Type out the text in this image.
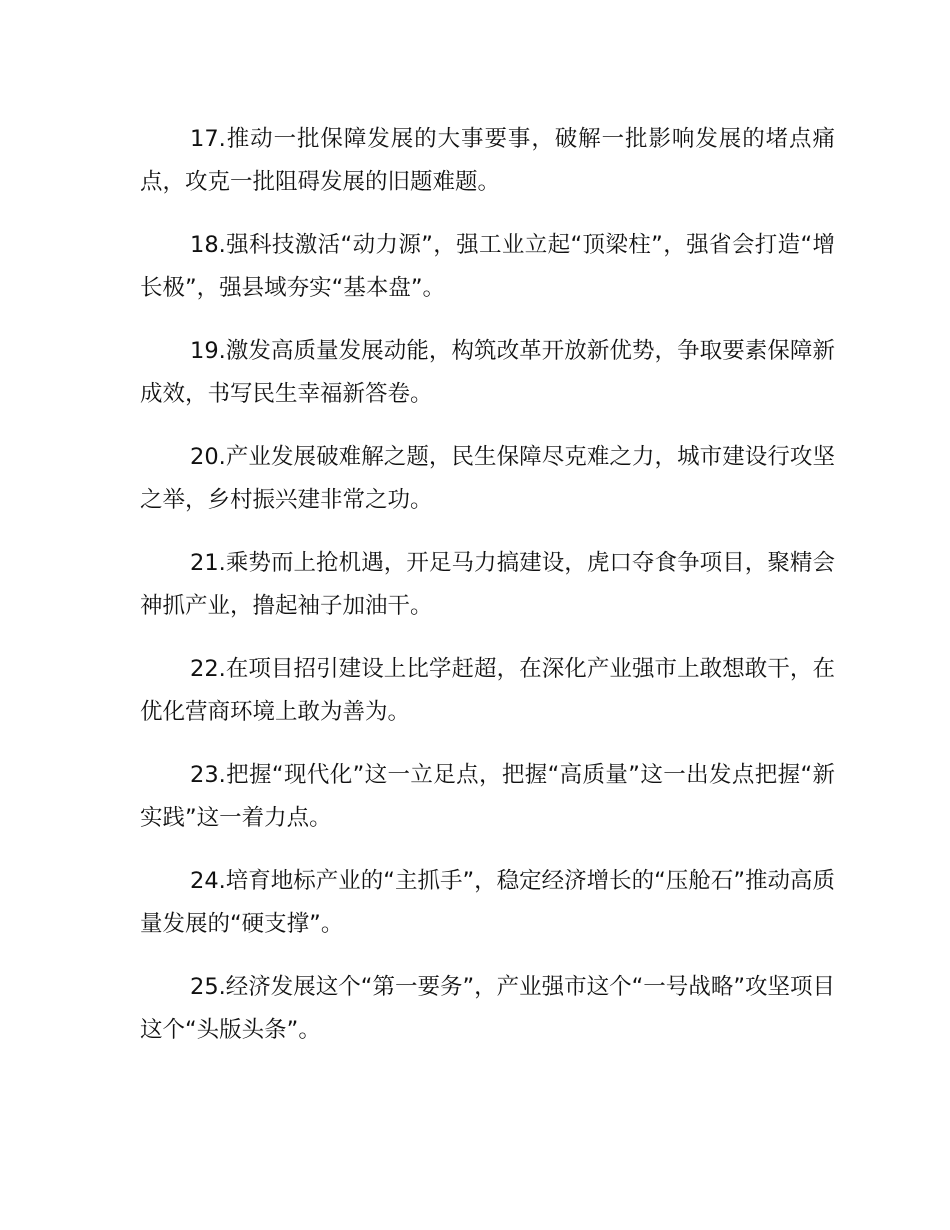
17.推动一批保障发展的大事要事，破解一批影响发展的堵点痛点，攻克一批阻碍发展的旧题难题。

18.强科技激活“动力源”，强工业立起“顶梁柱”，强省会打造“增长极”，强县域夯实“基本盘”。

19.激发高质量发展动能，构筑改革开放新优势，争取要素保障新成效，书写民生幸福新答卷。

20.产业发展破难解之题，民生保障尽克难之力，城市建设行攻坚之举，乡村振兴建非常之功。

21.乘势而上抢机遇，开足马力搞建设，虎口夺食争项目，聚精会神抓产业，撸起袖子加油干。

22.在项目招引建设上比学赶超，在深化产业强市上敢想敢干，在优化营商环境上敢为善为。

23.把握“现代化”这一立足点，把握“高质量”这一出发点把握“新实践”这一着力点。

24.培育地标产业的“主抓手”，稳定经济增长的“压舱石”推动高质量发展的“硬支撑”。

25.经济发展这个“第一要务”，产业强市这个“一号战略”攻坚项目这个“头版头条”。
